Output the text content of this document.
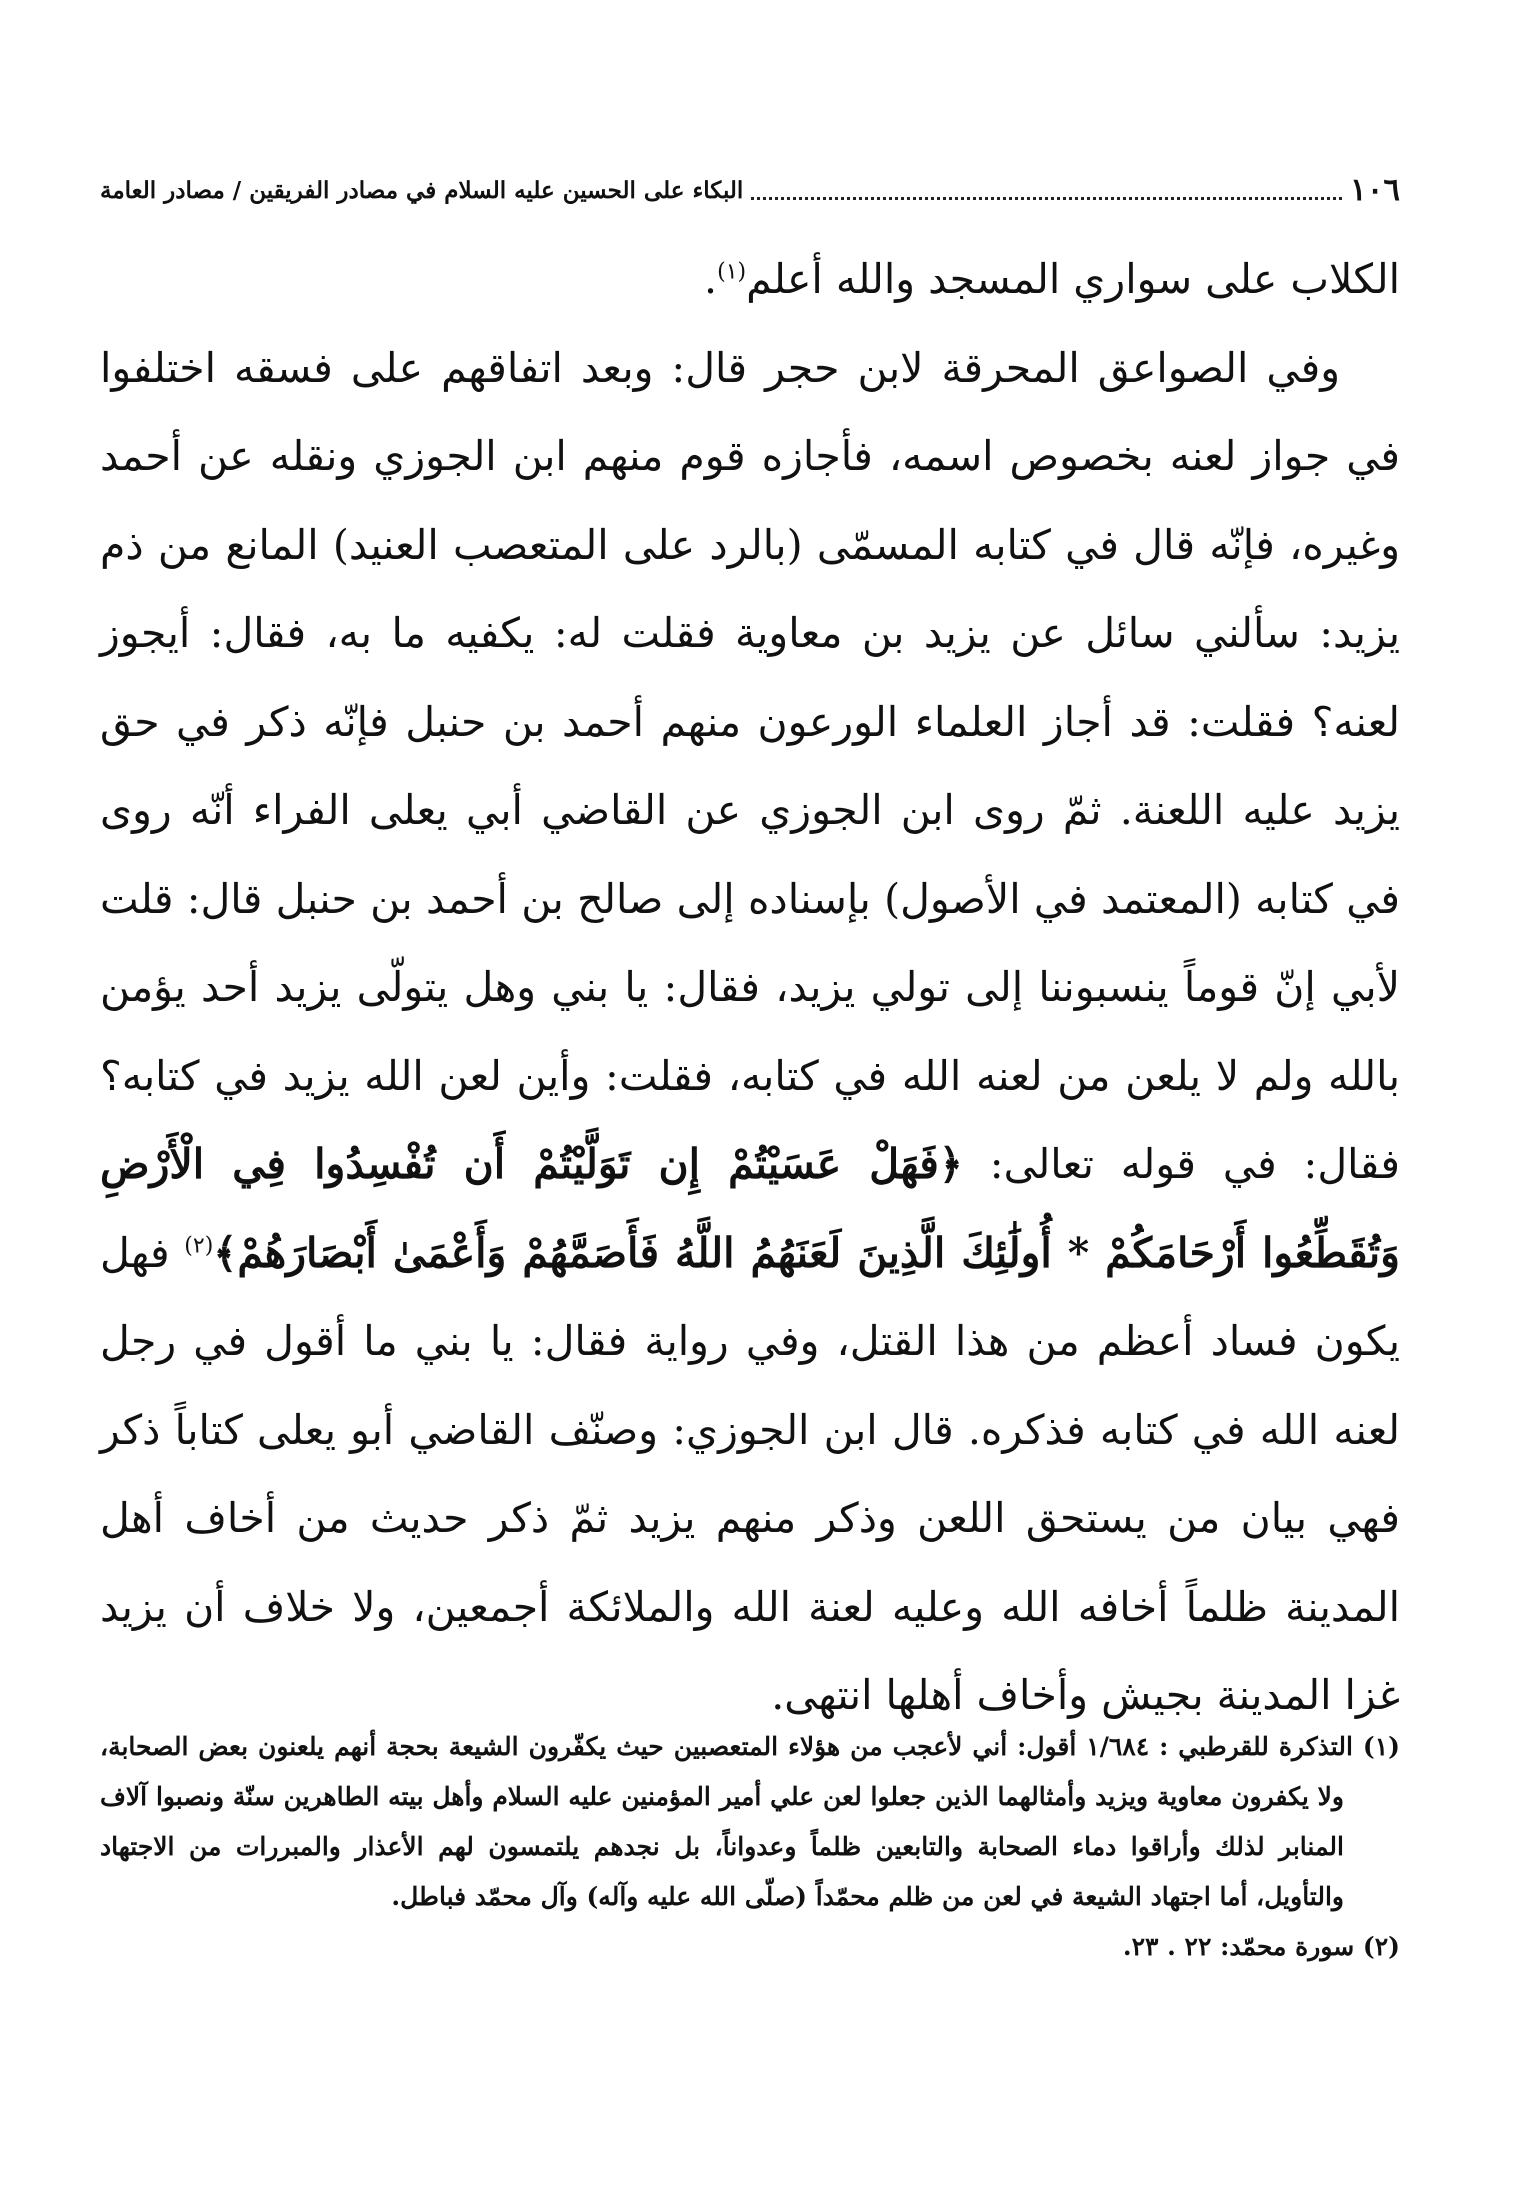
١٠٦
البكاء على الحسين عليه السلام في مصادر الفريقين / مصادر العامة

الكلاب على سواري المسجد والله أعلم$^{(١)}$.

وفي الصواعق المحرقة لابن حجر قال: وبعد اتفاقهم على فسقه اختلفوا في جواز لعنه بخصوص اسمه، فأجازه قوم منهم ابن الجوزي ونقله عن أحمد وغيره، فإنّه قال في كتابه المسمّى (بالرد على المتعصب العنيد) المانع من ذم يزيد: سألني سائل عن يزيد بن معاوية فقلت له: يكفيه ما به، فقال: أيجوز لعنه؟ فقلت: قد أجاز العلماء الورعون منهم أحمد بن حنبل فإنّه ذكر في حق يزيد عليه اللعنة. ثمّ روى ابن الجوزي عن القاضي أبي يعلى الفراء أنّه روى في كتابه (المعتمد في الأصول) بإسناده إلى صالح بن أحمد بن حنبل قال: قلت لأبي إنّ قوماً ينسبوننا إلى تولي يزيد، فقال: يا بني وهل يتولّى يزيد أحد يؤمن بالله ولم لا يلعن من لعنه الله في كتابه، فقلت: وأين لعن الله يزيد في كتابه؟ فقال: في قوله تعالى: ﴿فَهَلْ عَسَيْتُمْ إِن تَوَلَّيْتُمْ أَن تُفْسِدُوا فِي الْأَرْضِ وَتُقَطِّعُوا أَرْحَامَكُمْ * أُولَٰئِكَ الَّذِينَ لَعَنَهُمُ اللَّهُ فَأَصَمَّهُمْ وَأَعْمَىٰ أَبْصَارَهُمْ﴾$^{(٢)}$ فهل يكون فساد أعظم من هذا القتل، وفي رواية فقال: يا بني ما أقول في رجل لعنه الله في كتابه فذكره. قال ابن الجوزي: وصنّف القاضي أبو يعلى كتاباً ذكر فهي بيان من يستحق اللعن وذكر منهم يزيد ثمّ ذكر حديث من أخاف أهل المدينة ظلماً أخافه الله وعليه لعنة الله والملائكة أجمعين، ولا خلاف أن يزيد غزا المدينة بجيش وأخاف أهلها انتهى.

(١) التذكرة للقرطبي : ١/٦٨٤ أقول: أني لأعجب من هؤلاء المتعصبين حيث يكفّرون الشيعة بحجة أنهم يلعنون بعض الصحابة، ولا يكفرون معاوية ويزيد وأمثالهما الذين جعلوا لعن علي أمير المؤمنين عليه السلام وأهل بيته الطاهرين سنّة ونصبوا آلاف المنابر لذلك وأراقوا دماء الصحابة والتابعين ظلماً وعدواناً، بل نجدهم يلتمسون لهم الأعذار والمبررات من الاجتهاد والتأويل، أما اجتهاد الشيعة في لعن من ظلم محمّداً (صلّى الله عليه وآله) وآل محمّد فباطل.

(٢) سورة محمّد: ٢٢ . ٢٣.
